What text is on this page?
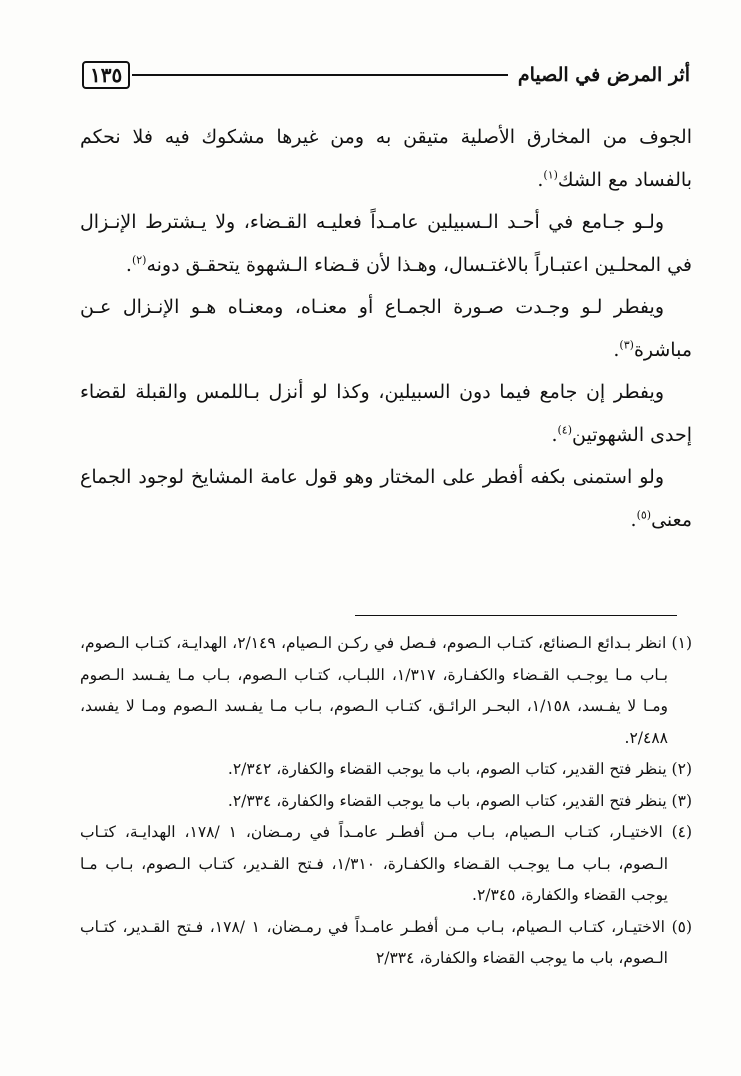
أثر المرض في الصيام
١٣٥

الجوف من المخارق الأصلية متيقن به ومن غيرها مشكوك فيه فلا نحكم بالفساد مع الشك$^{(١)}$.

ولـو جـامع في أحـد الـسبيلين عامـداً فعليـه القـضاء، ولا يـشترط الإنـزال في المحلـين اعتبـاراً بالاغتـسال، وهـذا لأن قـضاء الـشهوة يتحقـق دونه$^{(٢)}$.

ويفطر لـو وجـدت صـورة الجمـاع أو معنـاه، ومعنـاه هـو الإنـزال عـن مباشرة$^{(٣)}$.

ويفطر إن جامع فيما دون السبيلين، وكذا لو أنزل بـاللمس والقبلة لقضاء إحدى الشهوتين$^{(٤)}$.

ولو استمنى بكفه أفطر على المختار وهو قول عامة المشايخ لوجود الجماع معنى$^{(٥)}$.

(١) انظر بـدائع الـصنائع، كتـاب الـصوم، فـصل في ركـن الـصيام، ٢/١٤٩، الهدايـة، كتـاب الـصوم، بـاب مـا يوجـب القـضاء والكفـارة، ١/٣١٧، اللبـاب، كتـاب الـصوم، بـاب مـا يفـسد الـصوم ومـا لا يفـسد، ١/١٥٨، البحـر الرائـق، كتـاب الـصوم، بـاب مـا يفـسد الـصوم ومـا لا يفسد، ٢/٤٨٨.

(٢) ينظر فتح القدير، كتاب الصوم، باب ما يوجب القضاء والكفارة، ٢/٣٤٢.

(٣) ينظر فتح القدير، كتاب الصوم، باب ما يوجب القضاء والكفارة، ٢/٣٣٤.

(٤) الاختيـار، كتـاب الـصيام، بـاب مـن أفطـر عامـداً في رمـضان، ١ /١٧٨، الهدايـة، كتـاب الـصوم، بـاب مـا يوجـب القـضاء والكفـارة، ١/٣١٠، فـتح القـدير، كتـاب الـصوم، بـاب مـا يوجب القضاء والكفارة، ٢/٣٤٥.

(٥) الاختيـار، كتـاب الـصيام، بـاب مـن أفطـر عامـداً في رمـضان، ١ /١٧٨، فـتح القـدير، كتـاب الـصوم، باب ما يوجب القضاء والكفارة، ٢/٣٣٤
